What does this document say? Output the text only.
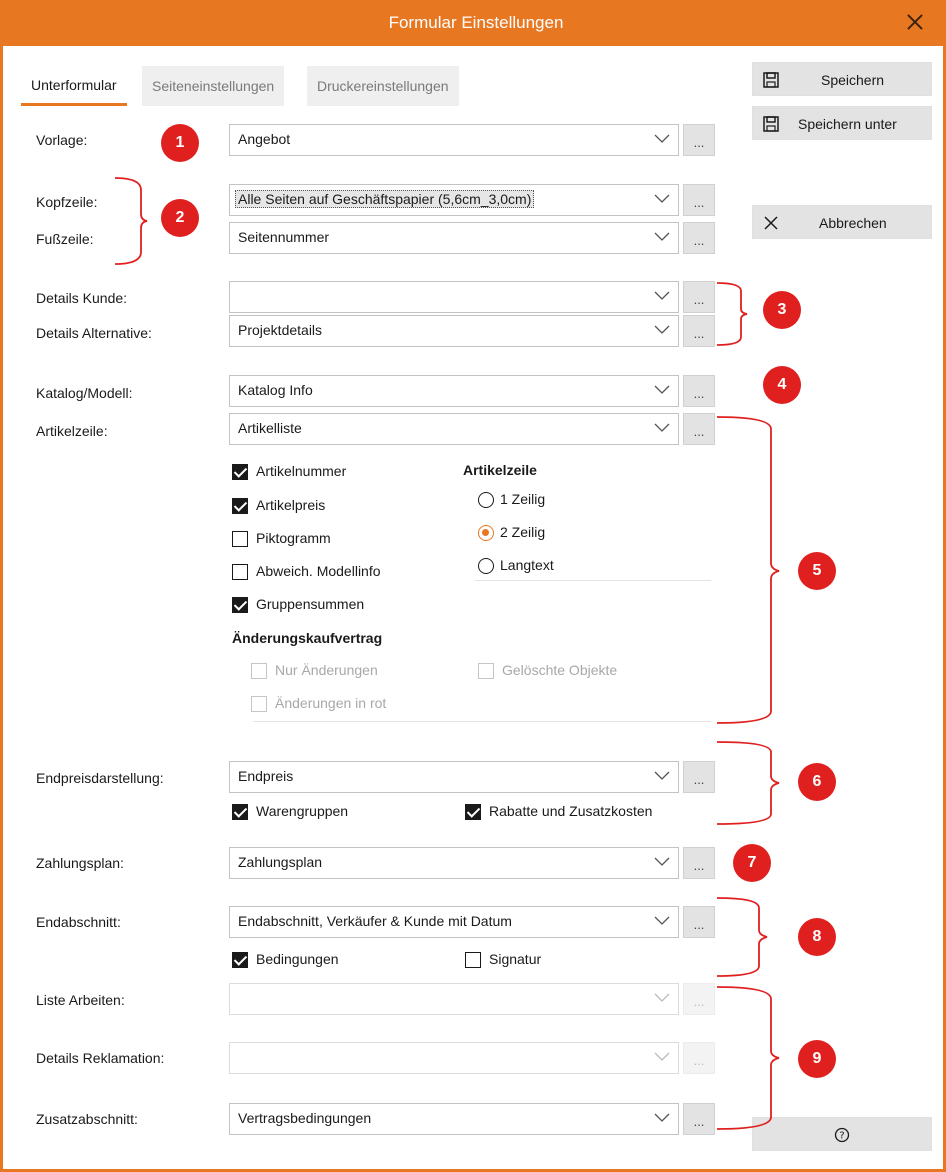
Formular Einstellungen
Unterformular	Seiteneinstellungen	Druckereinstellungen	Speichern
Speichern unter
Abbrechen
?
Vorlage:	Angebot	...
Kopfzeile:	Alle Seiten auf Geschäftspapier (5,6cm_3,0cm)	...
Fußzeile:	Seitennummer	...
Details Kunde:	...
Details Alternative:	Projektdetails	...
Katalog/Modell:	Katalog Info	...
Artikelzeile:	Artikelliste	...
Artikelnummer
Artikelpreis
Piktogramm
Abweich. Modellinfo
Gruppensummen
Artikelzeile
1 Zeilig
2 Zeilig
Langtext
Änderungskaufvertrag
Nur Änderungen	Gelöschte Objekte
Änderungen in rot
Endpreisdarstellung:	Endpreis	...
Warengruppen	Rabatte und Zusatzkosten
Zahlungsplan:	Zahlungsplan	...
Endabschnitt:	Endabschnitt, Verkäufer & Kunde mit Datum	...
Bedingungen	Signatur
Liste Arbeiten:	...
Details Reklamation:	...
Zusatzabschnitt:	Vertragsbedingungen	...
1
2
3
4
5
6
7
8
9
